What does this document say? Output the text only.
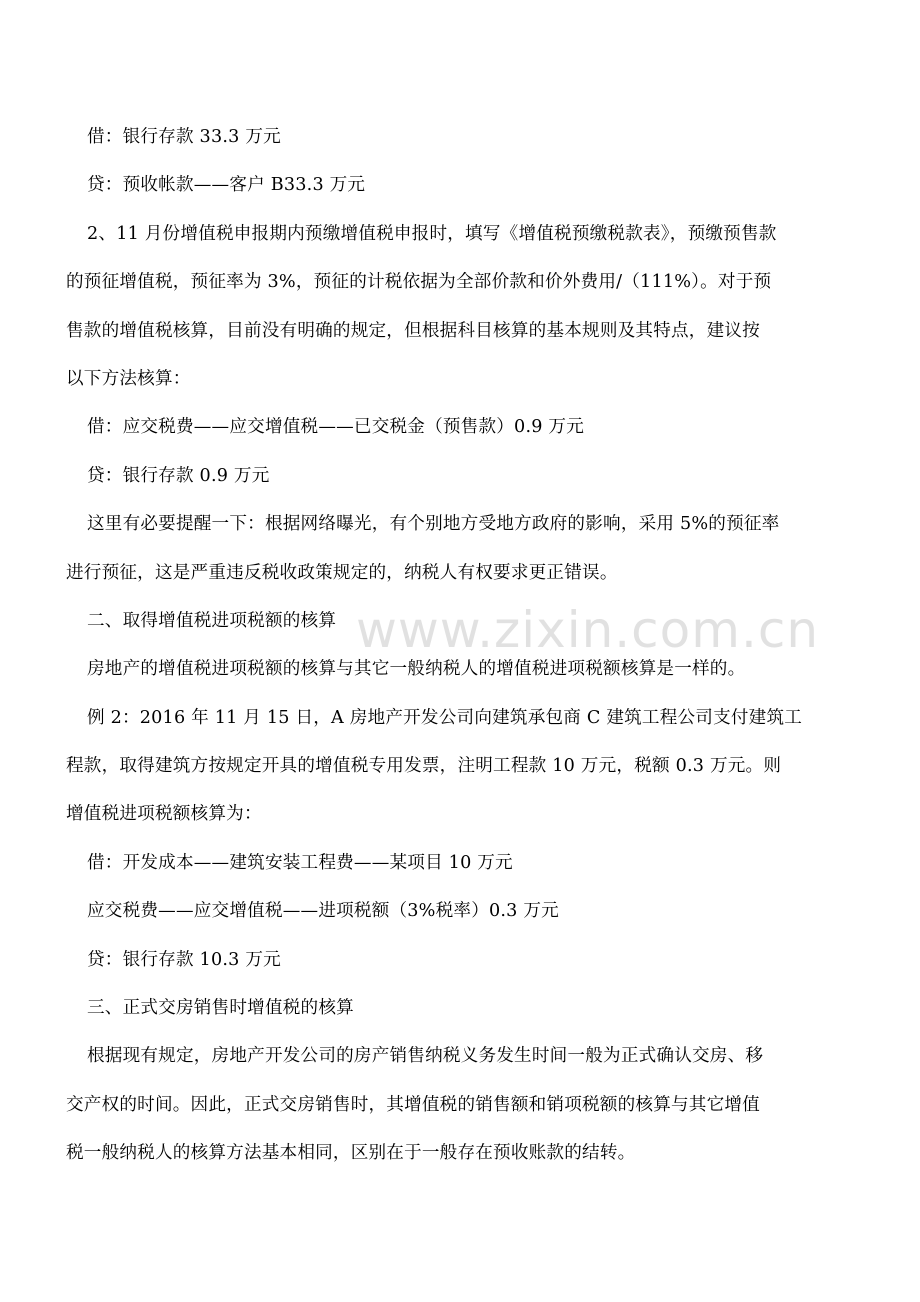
借：银行存款 33.3 万元
贷：预收帐款——客户 B33.3 万元
2、11 月份增值税申报期内预缴增值税申报时，填写《增值税预缴税款表》，预缴预售款
的预征增值税，预征率为 3%，预征的计税依据为全部价款和价外费用/（111%）。对于预
售款的增值税核算，目前没有明确的规定，但根据科目核算的基本规则及其特点，建议按
以下方法核算：
借：应交税费——应交增值税——已交税金（预售款）0.9 万元
贷：银行存款 0.9 万元
这里有必要提醒一下：根据网络曝光，有个别地方受地方政府的影响，采用 5%的预征率
进行预征，这是严重违反税收政策规定的，纳税人有权要求更正错误。
二、取得增值税进项税额的核算
房地产的增值税进项税额的核算与其它一般纳税人的增值税进项税额核算是一样的。
例 2：2016 年 11 月 15 日，A 房地产开发公司向建筑承包商 C 建筑工程公司支付建筑工
程款，取得建筑方按规定开具的增值税专用发票，注明工程款 10 万元，税额 0.3 万元。则
增值税进项税额核算为：
借：开发成本——建筑安装工程费——某项目 10 万元
应交税费——应交增值税——进项税额（3%税率）0.3 万元
贷：银行存款 10.3 万元
三、正式交房销售时增值税的核算
根据现有规定，房地产开发公司的房产销售纳税义务发生时间一般为正式确认交房、移
交产权的时间。因此，正式交房销售时，其增值税的销售额和销项税额的核算与其它增值
税一般纳税人的核算方法基本相同，区别在于一般存在预收账款的结转。
www.zixin.com.cn
